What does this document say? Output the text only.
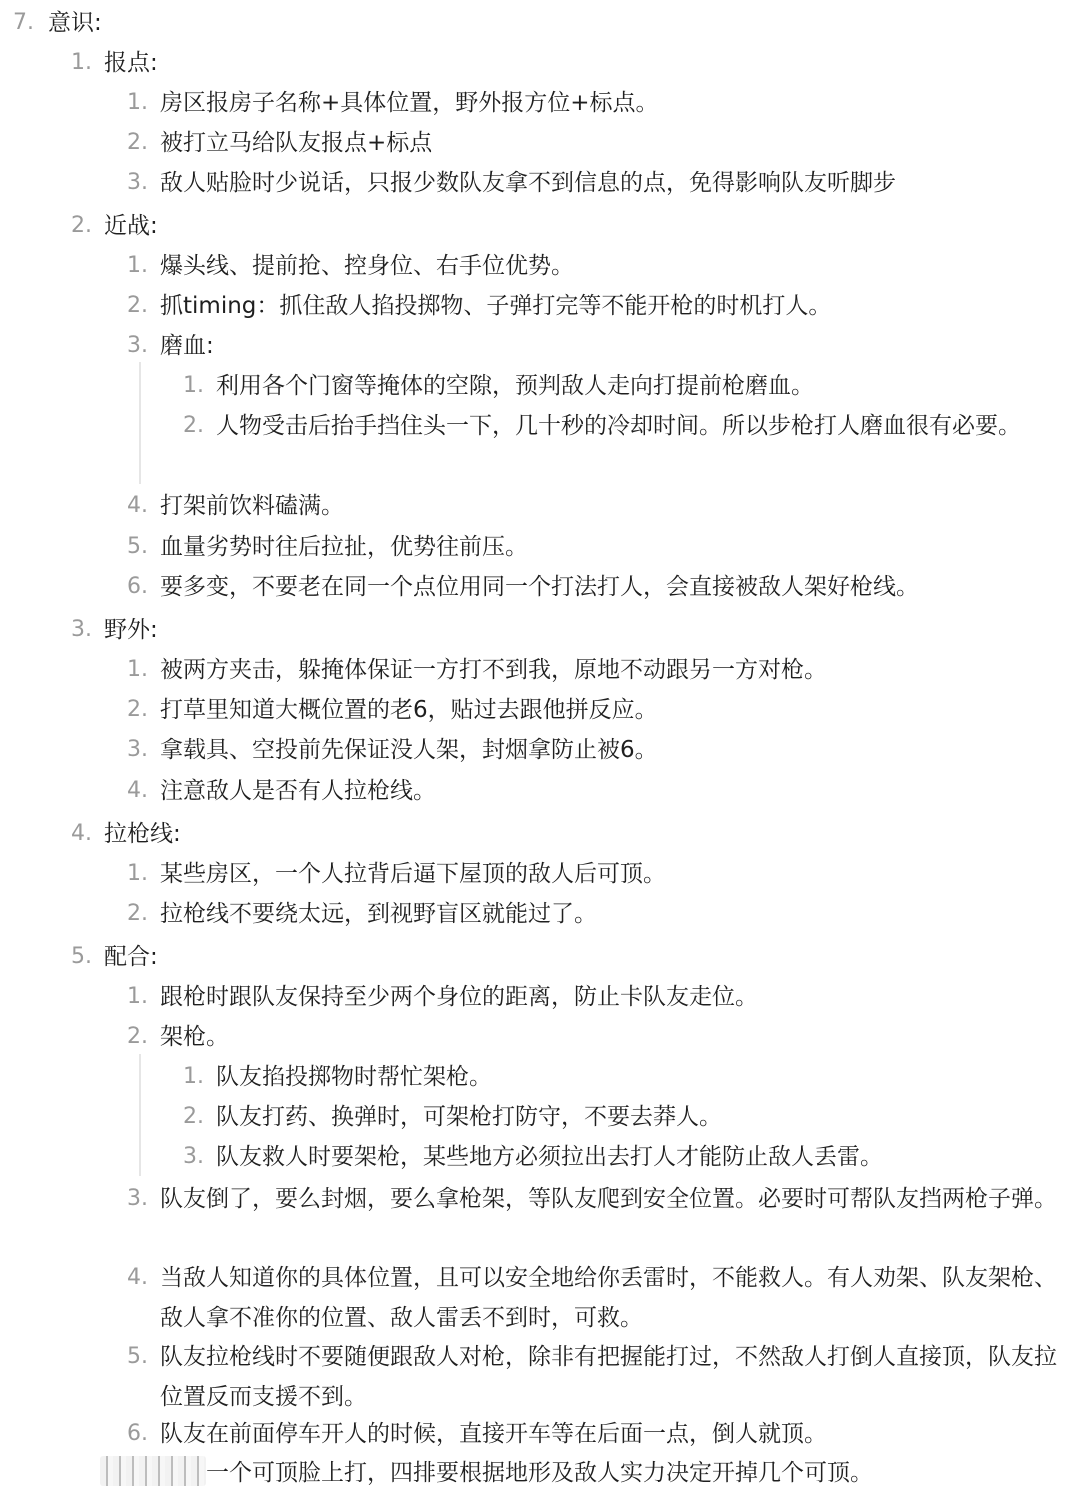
7. 意识:
1. 报点:
1. 房区报房子名称+具体位置，野外报方位+标点。
2. 被打立马给队友报点+标点
3. 敌人贴脸时少说话，只报少数队友拿不到信息的点，免得影响队友听脚步
2. 近战:
1. 爆头线、提前抢、控身位、右手位优势。
2. 抓timing：抓住敌人掐投掷物、子弹打完等不能开枪的时机打人。
3. 磨血:
1. 利用各个门窗等掩体的空隙，预判敌人走向打提前枪磨血。
2. 人物受击后抬手挡住头一下，几十秒的冷却时间。所以步枪打人磨血很有必要。
4. 打架前饮料磕满。
5. 血量劣势时往后拉扯，优势往前压。
6. 要多变，不要老在同一个点位用同一个打法打人，会直接被敌人架好枪线。
3. 野外:
1. 被两方夹击，躲掩体保证一方打不到我，原地不动跟另一方对枪。
2. 打草里知道大概位置的老6，贴过去跟他拼反应。
3. 拿载具、空投前先保证没人架，封烟拿防止被6。
4. 注意敌人是否有人拉枪线。
4. 拉枪线:
1. 某些房区，一个人拉背后逼下屋顶的敌人后可顶。
2. 拉枪线不要绕太远，到视野盲区就能过了。
5. 配合:
1. 跟枪时跟队友保持至少两个身位的距离，防止卡队友走位。
2. 架枪。
1. 队友掐投掷物时帮忙架枪。
2. 队友打药、换弹时，可架枪打防守，不要去莽人。
3. 队友救人时要架枪，某些地方必须拉出去打人才能防止敌人丢雷。
3. 队友倒了，要么封烟，要么拿枪架，等队友爬到安全位置。必要时可帮队友挡两枪子弹。
4. 当敌人知道你的具体位置，且可以安全地给你丢雷时，不能救人。有人劝架、队友架枪、敌人拿不准你的位置、敌人雷丢不到时，可救。
5. 队友拉枪线时不要随便跟敌人对枪，除非有把握能打过，不然敌人打倒人直接顶，队友拉位置反而支援不到。
6. 队友在前面停车开人的时候，直接开车等在后面一点，倒人就顶。
一个可顶脸上打，四排要根据地形及敌人实力决定开掉几个可顶。
